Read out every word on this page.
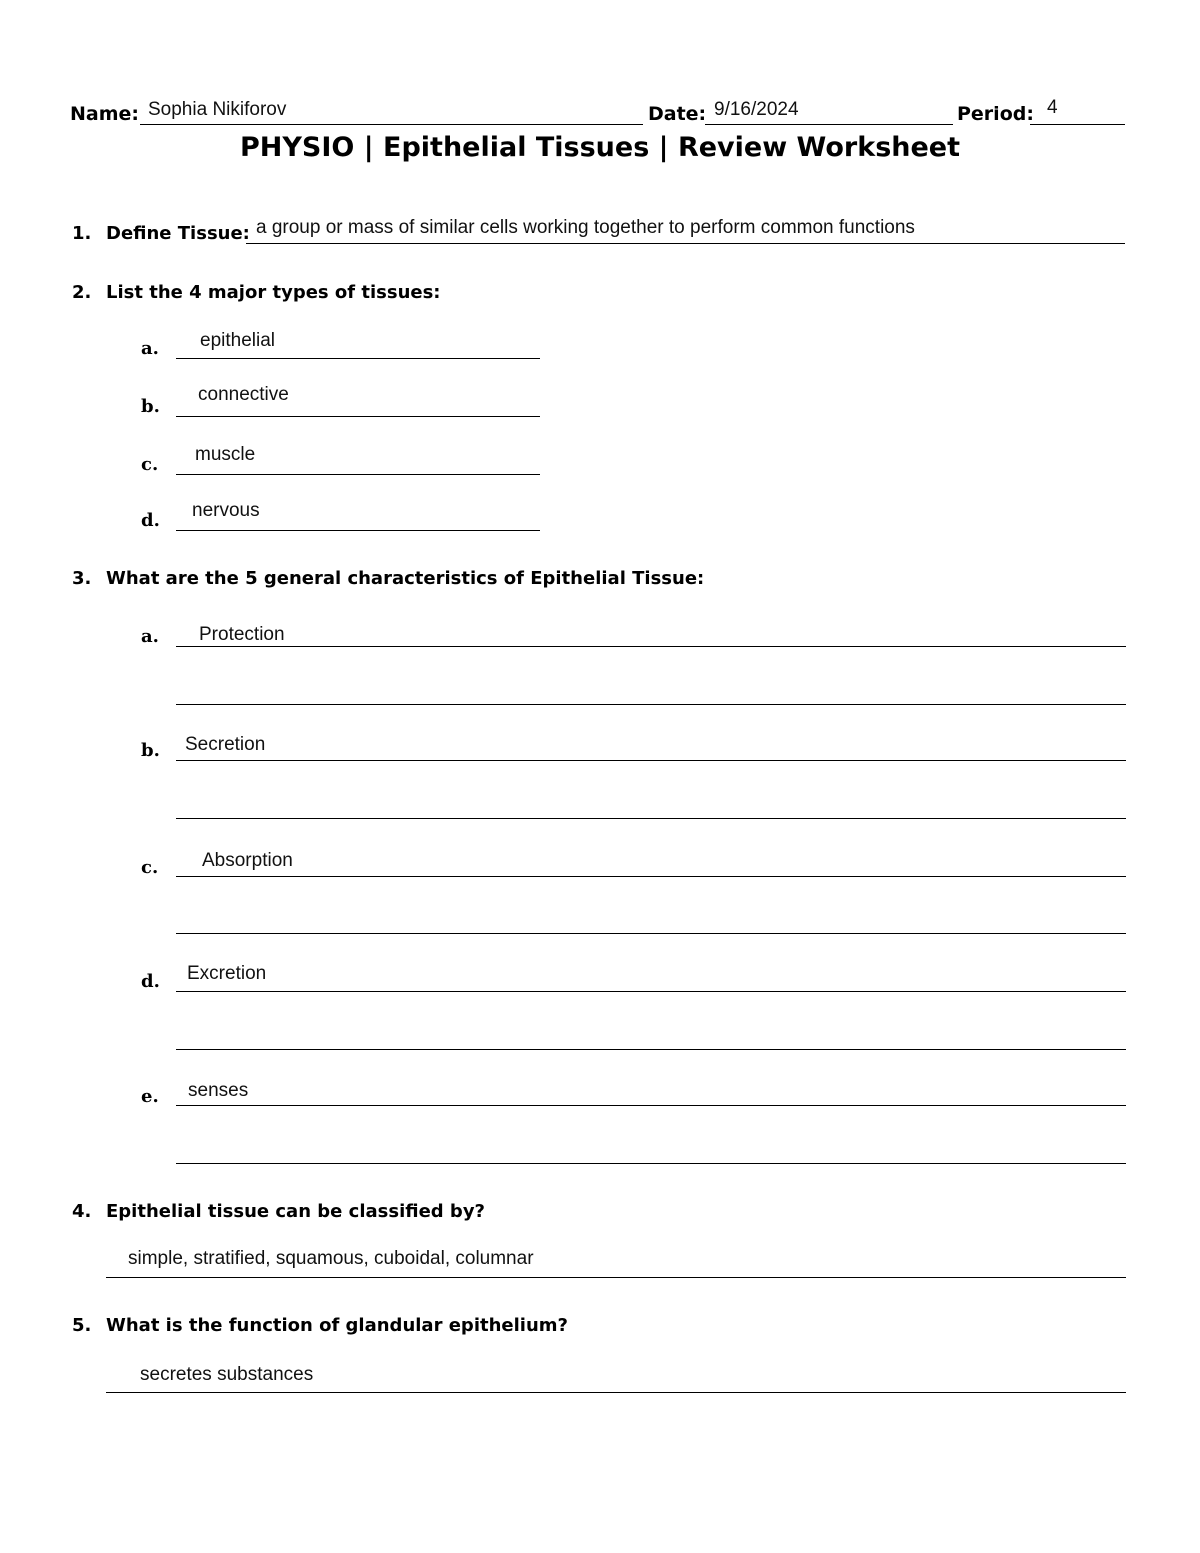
Name: Sophia Nikiforov	Date: 9/16/2024	Period: 4
PHYSIO | Epithelial Tissues | Review Worksheet
1. Define Tissue: a group or mass of similar cells working together to perform common functions
2. List the 4 major types of tissues:
a. epithelial
b.
connective
c. muscle
d. nervous
3. What are the 5 general characteristics of Epithelial Tissue:
a. Protection
b. Secretion
c. Absorption
d. Excretion
e. senses
4. Epithelial tissue can be classified by?
simple, stratified, squamous, cuboidal, columnar
5. What is the function of glandular epithelium?
secretes substances
